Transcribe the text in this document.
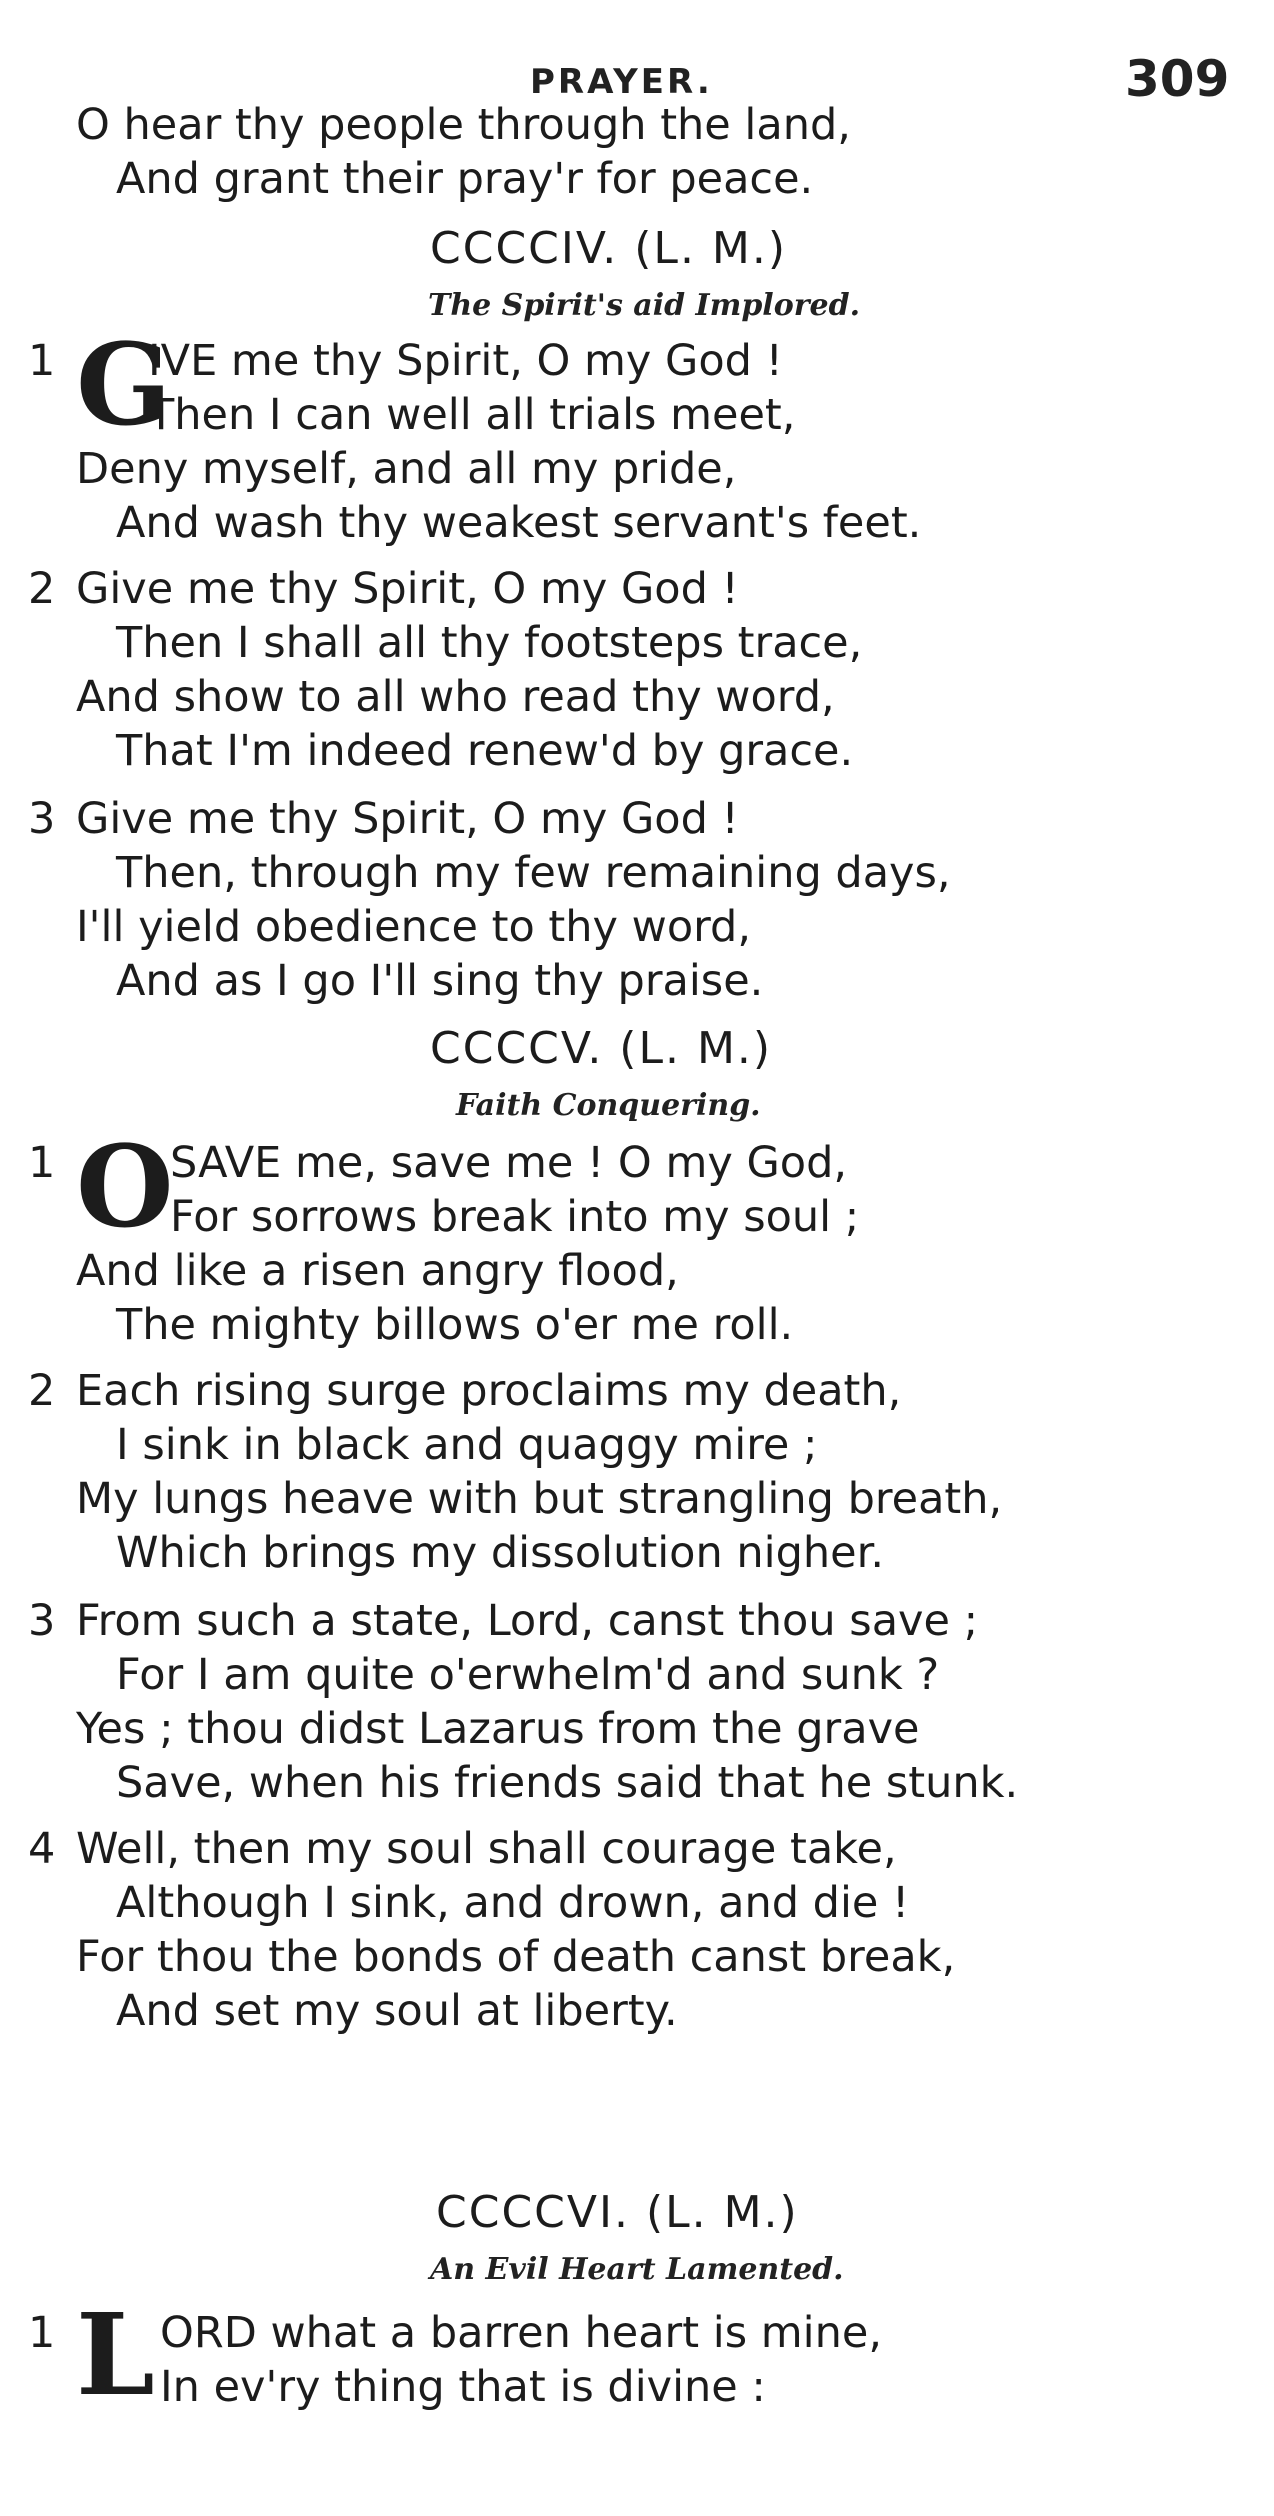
PRAYER.	309
O hear thy people through the land,
And grant their pray'r for peace.
CCCCIV. (L. M.)
The Spirit's aid Implored.
1 G
IVE me thy Spirit, O my God !
Then I can well all trials meet,
Deny myself, and all my pride,
And wash thy weakest servant's feet.
2 Give me thy Spirit, O my God !
Then I shall all thy footsteps trace,
And show to all who read thy word,
That I'm indeed renew'd by grace.
3 Give me thy Spirit, O my God !
Then, through my few remaining days,
I'll yield obedience to thy word,
And as I go I'll sing thy praise.
CCCCV. (L. M.)
Faith Conquering.
1 O
SAVE me, save me ! O my God,
For sorrows break into my soul ;
And like a risen angry flood,
The mighty billows o'er me roll.
2 Each rising surge proclaims my death,
I sink in black and quaggy mire ;
My lungs heave with but strangling breath,
Which brings my dissolution nigher.
3 From such a state, Lord, canst thou save ;
For I am quite o'erwhelm'd and sunk ?
Yes ; thou didst Lazarus from the grave
Save, when his friends said that he stunk.
4 Well, then my soul shall courage take,
Although I sink, and drown, and die !
For thou the bonds of death canst break,
And set my soul at liberty.
CCCCVI. (L. M.)
An Evil Heart Lamented.
1 L ORD what a barren heart is mine,
In ev'ry thing that is divine :
